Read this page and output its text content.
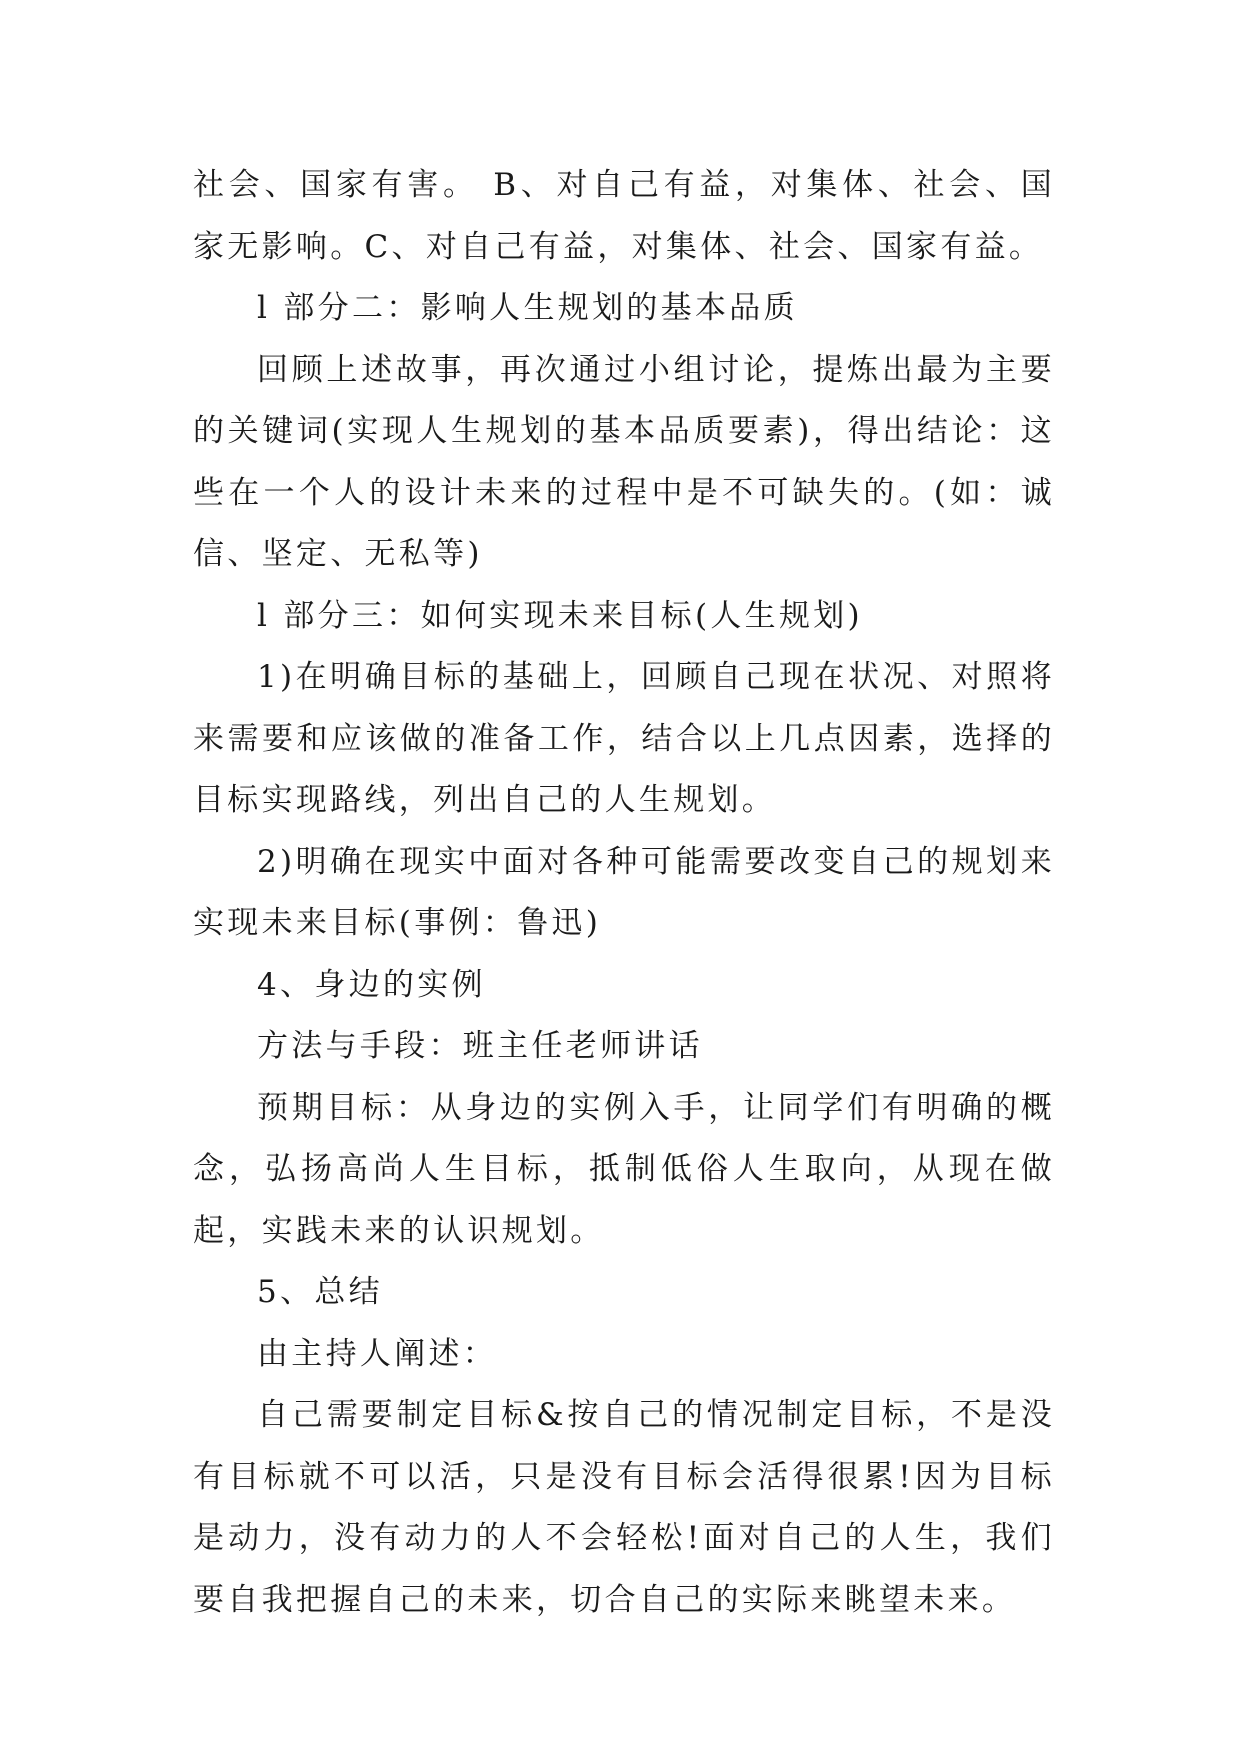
社会、国家有害。 B、对自己有益，对集体、社会、国家无影响。C、对自己有益，对集体、社会、国家有益。

l 部分二：影响人生规划的基本品质

回顾上述故事，再次通过小组讨论，提炼出最为主要的关键词(实现人生规划的基本品质要素)，得出结论：这些在一个人的设计未来的过程中是不可缺失的。(如：诚信、坚定、无私等)

l 部分三：如何实现未来目标(人生规划)

1)在明确目标的基础上，回顾自己现在状况、对照将来需要和应该做的准备工作，结合以上几点因素，选择的目标实现路线，列出自己的人生规划。

2)明确在现实中面对各种可能需要改变自己的规划来实现未来目标(事例：鲁迅)

4、身边的实例

方法与手段：班主任老师讲话

预期目标：从身边的实例入手，让同学们有明确的概念，弘扬高尚人生目标，抵制低俗人生取向，从现在做起，实践未来的认识规划。

5、总结

由主持人阐述：

自己需要制定目标&按自己的情况制定目标，不是没有目标就不可以活，只是没有目标会活得很累!因为目标是动力，没有动力的人不会轻松!面对自己的人生，我们要自我把握自己的未来，切合自己的实际来眺望未来。
